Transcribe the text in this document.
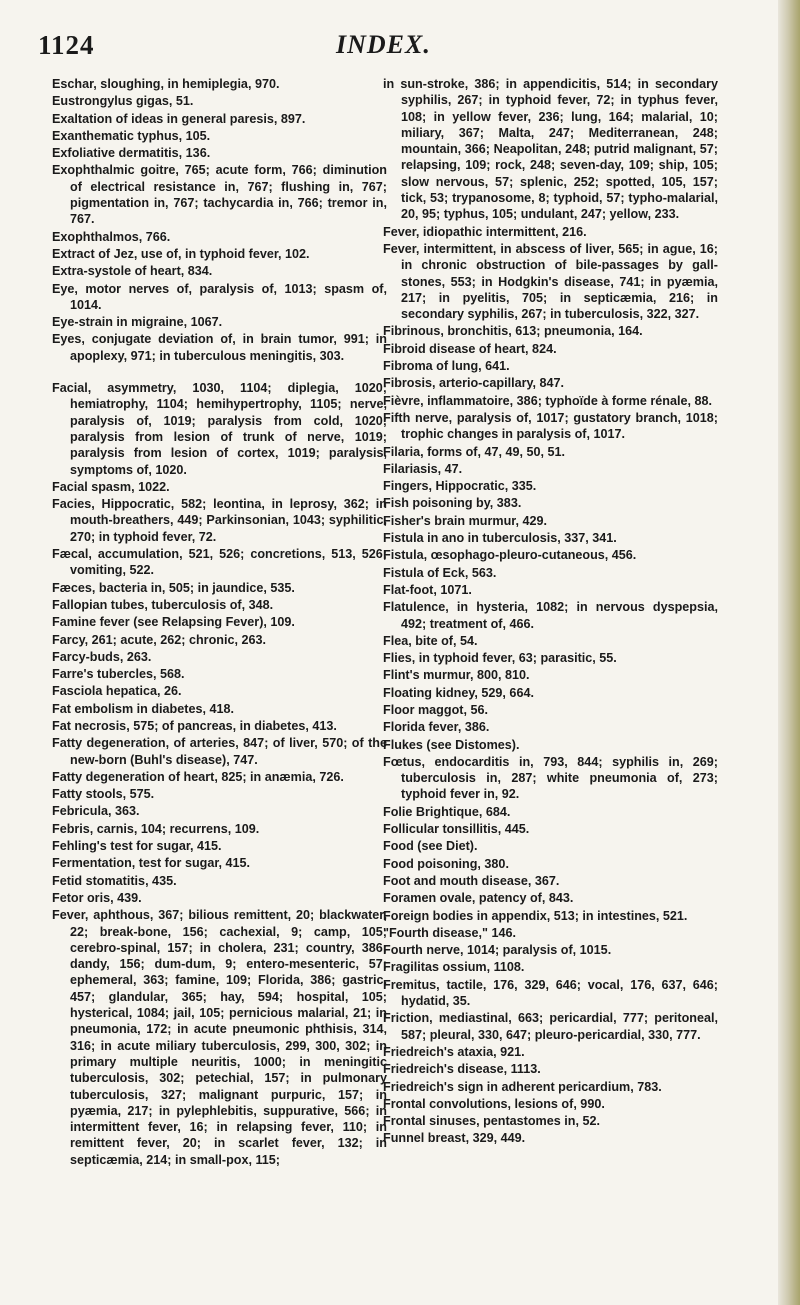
1124	INDEX.
Eschar, sloughing, in hemiplegia, 970.
Eustrongylus gigas, 51.
Exaltation of ideas in general paresis, 897.
Exanthematic typhus, 105.
Exfoliative dermatitis, 136.
Exophthalmic goitre, 765; acute form, 766; diminution of electrical resistance in, 767; flushing in, 767; pigmentation in, 767; tachycardia in, 766; tremor in, 767.
Exophthalmos, 766.
Extract of Jez, use of, in typhoid fever, 102.
Extra-systole of heart, 834.
Eye, motor nerves of, paralysis of, 1013; spasm of, 1014.
Eye-strain in migraine, 1067.
Eyes, conjugate deviation of, in brain tumor, 991; in apoplexy, 971; in tuberculous meningitis, 303.
Facial, asymmetry, 1030, 1104; diplegia, 1020; hemiatrophy, 1104; hemihypertrophy, 1105; nerve, paralysis of, 1019; paralysis from cold, 1020; paralysis from lesion of trunk of nerve, 1019; paralysis from lesion of cortex, 1019; paralysis, symptoms of, 1020.
Facial spasm, 1022.
Facies, Hippocratic, 582; leontina, in leprosy, 362; in mouth-breathers, 449; Parkinsonian, 1043; syphilitic, 270; in typhoid fever, 72.
Fæcal, accumulation, 521, 526; concretions, 513, 526; vomiting, 522.
Fæces, bacteria in, 505; in jaundice, 535.
Fallopian tubes, tuberculosis of, 348.
Famine fever (see Relapsing Fever), 109.
Farcy, 261; acute, 262; chronic, 263.
Farcy-buds, 263.
Farre's tubercles, 568.
Fasciola hepatica, 26.
Fat embolism in diabetes, 418.
Fat necrosis, 575; of pancreas, in diabetes, 413.
Fatty degeneration, of arteries, 847; of liver, 570; of the new-born (Buhl's disease), 747.
Fatty degeneration of heart, 825; in anæmia, 726.
Fatty stools, 575.
Febricula, 363.
Febris, carnis, 104; recurrens, 109.
Fehling's test for sugar, 415.
Fermentation, test for sugar, 415.
Fetid stomatitis, 435.
Fetor oris, 439.
Fever, aphthous, 367; bilious remittent, 20; blackwater, 22; break-bone, 156; cachexial, 9; camp, 105; cerebro-spinal, 157; in cholera, 231; country, 386; dandy, 156; dum-dum, 9; entero-mesenteric, 57; ephemeral, 363; famine, 109; Florida, 386; gastric, 457; glandular, 365; hay, 594; hospital, 105; hysterical, 1084; jail, 105; pernicious malarial, 21; in pneumonia, 172; in acute pneumonic phthisis, 314, 316; in acute miliary tuberculosis, 299, 300, 302; in primary multiple neuritis, 1000; in meningitic tuberculosis, 302; petechial, 157; in pulmonary tuberculosis, 327; malignant purpuric, 157; in pyæmia, 217; in pylephlebitis, suppurative, 566; in intermittent fever, 16; in relapsing fever, 110; in remittent fever, 20; in scarlet fever, 132; in septicæmia, 214; in small-pox, 115;
in sun-stroke, 386; in appendicitis, 514; in secondary syphilis, 267; in typhoid fever, 72; in typhus fever, 108; in yellow fever, 236; lung, 164; malarial, 10; miliary, 367; Malta, 247; Mediterranean, 248; mountain, 366; Neapolitan, 248; putrid malignant, 57; relapsing, 109; rock, 248; seven-day, 109; ship, 105; slow nervous, 57; splenic, 252; spotted, 105, 157; tick, 53; trypanosome, 8; typhoid, 57; typho-malarial, 20, 95; typhus, 105; undulant, 247; yellow, 233.
Fever, idiopathic intermittent, 216.
Fever, intermittent, in abscess of liver, 565; in ague, 16; in chronic obstruction of bile-passages by gall-stones, 553; in Hodgkin's disease, 741; in pyæmia, 217; in pyelitis, 705; in septicæmia, 216; in secondary syphilis, 267; in tuberculosis, 322, 327.
Fibrinous, bronchitis, 613; pneumonia, 164.
Fibroid disease of heart, 824.
Fibroma of lung, 641.
Fibrosis, arterio-capillary, 847.
Fièvre, inflammatoire, 386; typhoïde à forme rénale, 88.
Fifth nerve, paralysis of, 1017; gustatory branch, 1018; trophic changes in paralysis of, 1017.
Filaria, forms of, 47, 49, 50, 51.
Filariasis, 47.
Fingers, Hippocratic, 335.
Fish poisoning by, 383.
Fisher's brain murmur, 429.
Fistula in ano in tuberculosis, 337, 341.
Fistula, œsophago-pleuro-cutaneous, 456.
Fistula of Eck, 563.
Flat-foot, 1071.
Flatulence, in hysteria, 1082; in nervous dyspepsia, 492; treatment of, 466.
Flea, bite of, 54.
Flies, in typhoid fever, 63; parasitic, 55.
Flint's murmur, 800, 810.
Floating kidney, 529, 664.
Floor maggot, 56.
Florida fever, 386.
Flukes (see Distomes).
Fœtus, endocarditis in, 793, 844; syphilis in, 269; tuberculosis in, 287; white pneumonia of, 273; typhoid fever in, 92.
Folie Brightique, 684.
Follicular tonsillitis, 445.
Food (see Diet).
Food poisoning, 380.
Foot and mouth disease, 367.
Foramen ovale, patency of, 843.
Foreign bodies in appendix, 513; in intestines, 521.
"Fourth disease," 146.
Fourth nerve, 1014; paralysis of, 1015.
Fragilitas ossium, 1108.
Fremitus, tactile, 176, 329, 646; vocal, 176, 637, 646; hydatid, 35.
Friction, mediastinal, 663; pericardial, 777; peritoneal, 587; pleural, 330, 647; pleuro-pericardial, 330, 777.
Friedreich's ataxia, 921.
Friedreich's disease, 1113.
Friedreich's sign in adherent pericardium, 783.
Frontal convolutions, lesions of, 990.
Frontal sinuses, pentastomes in, 52.
Funnel breast, 329, 449.
